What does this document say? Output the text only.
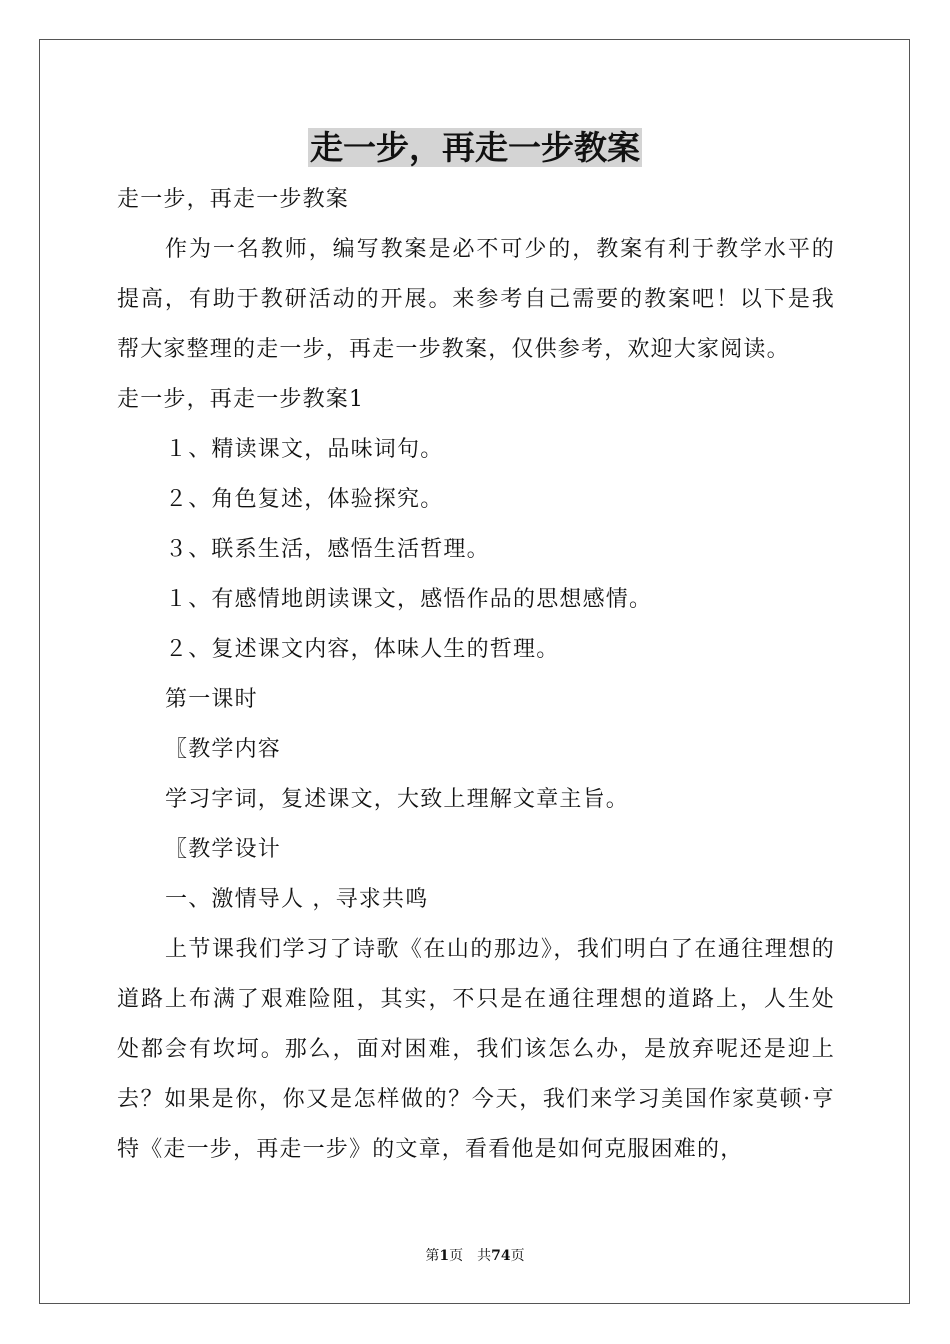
走一步，再走一步教案

走一步，再走一步教案

作为一名教师，编写教案是必不可少的，教案有利于教学水平的提高，有助于教研活动的开展。来参考自己需要的教案吧！以下是我帮大家整理的走一步，再走一步教案，仅供参考，欢迎大家阅读。

走一步，再走一步教案1

１、精读课文，品味词句。

２、角色复述，体验探究。

３、联系生活，感悟生活哲理。

１、有感情地朗读课文，感悟作品的思想感情。

２、复述课文内容，体味人生的哲理。

第一课时

〖教学内容

学习字词，复述课文，大致上理解文章主旨。

〖教学设计

一、激情导人 ，寻求共鸣

上节课我们学习了诗歌《在山的那边》，我们明白了在通往理想的道路上布满了艰难险阻，其实，不只是在通往理想的道路上，人生处处都会有坎坷。那么，面对困难，我们该怎么办，是放弃呢还是迎上去？如果是你，你又是怎样做的？今天，我们来学习美国作家莫顿·亨特《走一步，再走一步》的文章，看看他是如何克服困难的，

第1页　共74页
